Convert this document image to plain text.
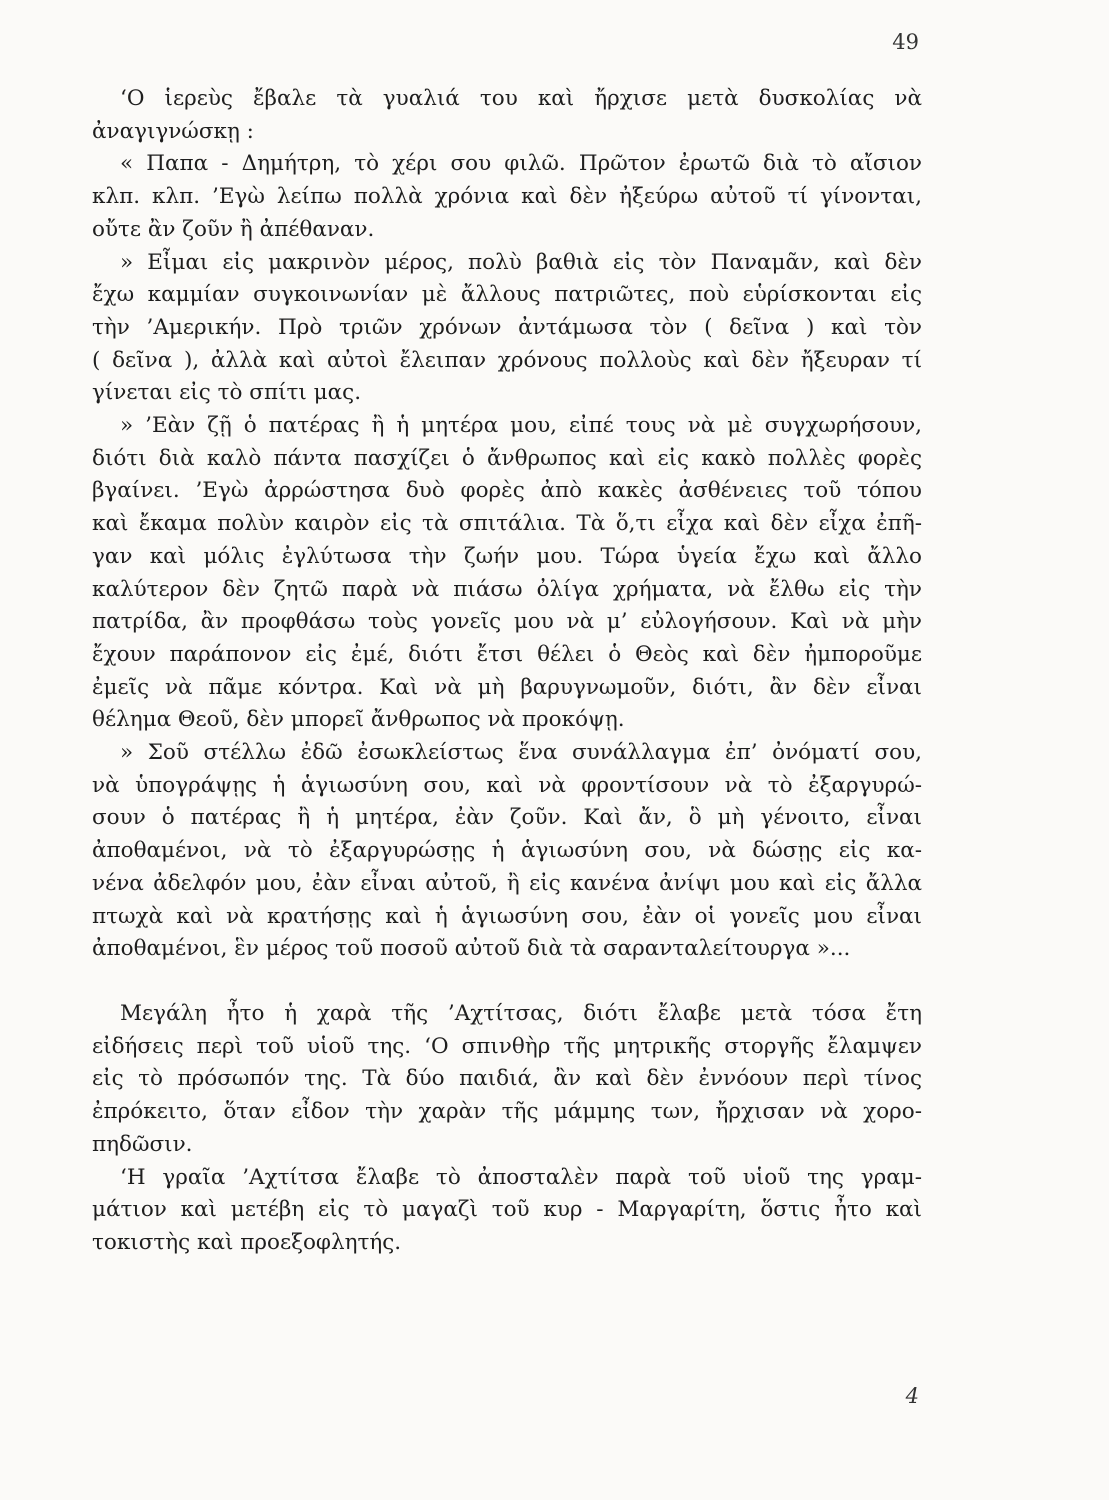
49
‘Ο ἱερεὺς ἔβαλε τὰ γυαλιά του καὶ ἤρχισε μετὰ δυσκολίας νὰ
ἀναγιγνώσκῃ :
« Παπα - Δημήτρη, τὸ χέρι σου φιλῶ. Πρῶτον ἐρωτῶ διὰ τὸ αἴσιον
κλπ. κλπ. ’Εγὼ λείπω πολλὰ χρόνια καὶ δὲν ἠξεύρω αὐτοῦ τί γίνονται,
οὔτε ἂν ζοῦν ἢ ἀπέθαναν.
» Εἶμαι εἰς μακρινὸν μέρος, πολὺ βαθιὰ εἰς τὸν Παναμᾶν, καὶ δὲν
ἔχω καμμίαν συγκοινωνίαν μὲ ἄλλους πατριῶτες, ποὺ εὑρίσκονται εἰς
τὴν ’Αμερικήν. Πρὸ τριῶν χρόνων ἀντάμωσα τὸν ( δεῖνα ) καὶ τὸν
( δεῖνα ), ἀλλὰ καὶ αὐτοὶ ἔλειπαν χρόνους πολλοὺς καὶ δὲν ἤξευραν τί
γίνεται εἰς τὸ σπίτι μας.
» ’Εὰν ζῇ ὁ πατέρας ἢ ἡ μητέρα μου, εἰπέ τους νὰ μὲ συγχωρήσουν,
διότι διὰ καλὸ πάντα πασχίζει ὁ ἄνθρωπος καὶ εἰς κακὸ πολλὲς φορὲς
βγαίνει. ’Εγὼ ἀρρώστησα δυὸ φορὲς ἀπὸ κακὲς ἀσθένειες τοῦ τόπου
καὶ ἔκαμα πολὺν καιρὸν εἰς τὰ σπιτάλια. Τὰ ὅ,τι εἶχα καὶ δὲν εἶχα ἐπῆ-
γαν καὶ μόλις ἐγλύτωσα τὴν ζωήν μου. Τώρα ὑγεία ἔχω καὶ ἄλλο
καλύτερον δὲν ζητῶ παρὰ νὰ πιάσω ὀλίγα χρήματα, νὰ ἔλθω εἰς τὴν
πατρίδα, ἂν προφθάσω τοὺς γονεῖς μου νὰ μ’ εὐλογήσουν. Καὶ νὰ μὴν
ἔχουν παράπονον εἰς ἐμέ, διότι ἔτσι θέλει ὁ Θεὸς καὶ δὲν ἠμποροῦμε
ἐμεῖς νὰ πᾶμε κόντρα. Καὶ νὰ μὴ βαρυγνωμοῦν, διότι, ἂν δὲν εἶναι
θέλημα Θεοῦ, δὲν μπορεῖ ἄνθρωπος νὰ προκόψῃ.
» Σοῦ στέλλω ἐδῶ ἐσωκλείστως ἕνα συνάλλαγμα ἐπ’ ὀνόματί σου,
νὰ ὑπογράψῃς ἡ ἁγιωσύνη σου, καὶ νὰ φροντίσουν νὰ τὸ ἐξαργυρώ-
σουν ὁ πατέρας ἢ ἡ μητέρα, ἐὰν ζοῦν. Καὶ ἄν, ὃ μὴ γένοιτο, εἶναι
ἀποθαμένοι, νὰ τὸ ἐξαργυρώσῃς ἡ ἁγιωσύνη σου, νὰ δώσῃς εἰς κα-
νένα ἀδελφόν μου, ἐὰν εἶναι αὐτοῦ, ἢ εἰς κανένα ἀνίψι μου καὶ εἰς ἄλλα
πτωχὰ καὶ νὰ κρατήσῃς καὶ ἡ ἁγιωσύνη σου, ἐὰν οἱ γονεῖς μου εἶναι
ἀποθαμένοι, ἓν μέρος τοῦ ποσοῦ αὐτοῦ διὰ τὰ σαρανταλείτουργα »...
Μεγάλη ἦτο ἡ χαρὰ τῆς ’Αχτίτσας, διότι ἔλαβε μετὰ τόσα ἔτη
εἰδήσεις περὶ τοῦ υἱοῦ της. ‘Ο σπινθὴρ τῆς μητρικῆς στοργῆς ἔλαμψεν
εἰς τὸ πρόσωπόν της. Τὰ δύο παιδιά, ἂν καὶ δὲν ἐννόουν περὶ τίνος
ἐπρόκειτο, ὅταν εἶδον τὴν χαρὰν τῆς μάμμης των, ἤρχισαν νὰ χορο-
πηδῶσιν.
‘Η γραῖα ’Αχτίτσα ἔλαβε τὸ ἀποσταλὲν παρὰ τοῦ υἱοῦ της γραμ-
μάτιον καὶ μετέβη εἰς τὸ μαγαζὶ τοῦ κυρ - Μαργαρίτη, ὅστις ἦτο καὶ
τοκιστὴς καὶ προεξοφλητής.
4
